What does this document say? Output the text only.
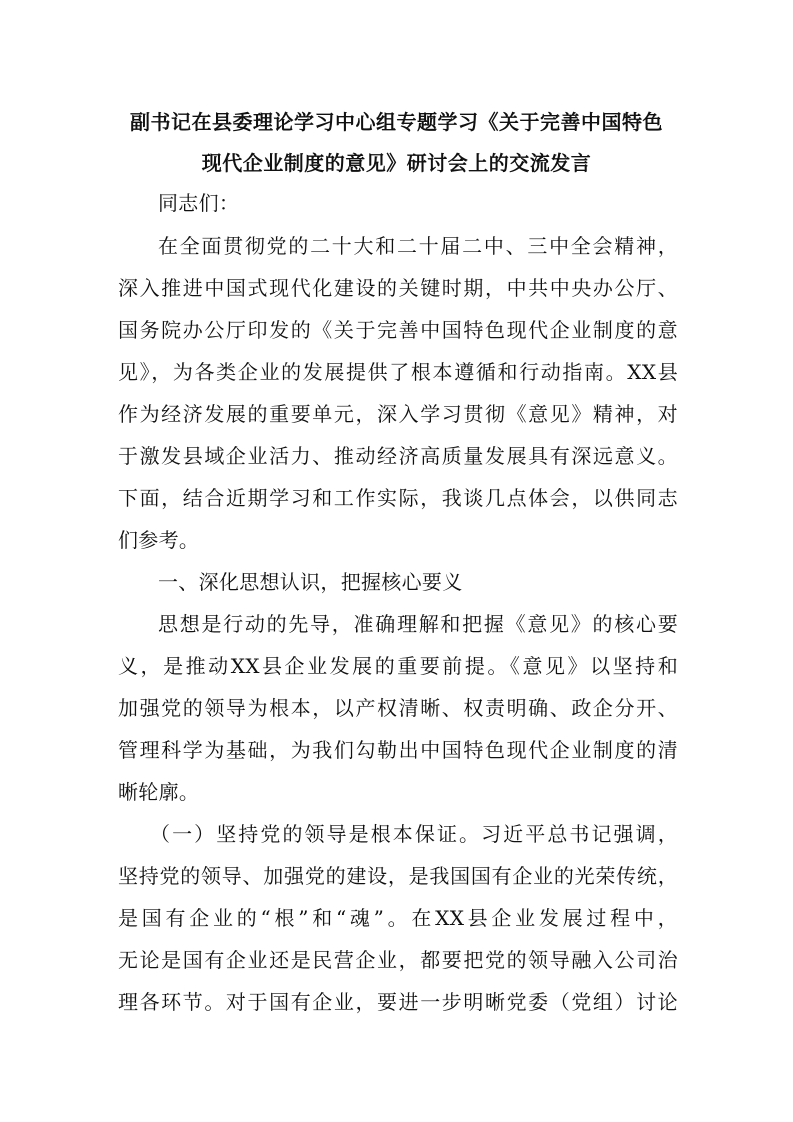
副书记在县委理论学习中心组专题学习《关于完善中国特色
现代企业制度的意见》研讨会上的交流发言
同志们：
在全面贯彻党的二十大和二十届二中、三中全会精神，
深入推进中国式现代化建设的关键时期，中共中央办公厅、
国务院办公厅印发的《关于完善中国特色现代企业制度的意
见》，为各类企业的发展提供了根本遵循和行动指南。XX县
作为经济发展的重要单元，深入学习贯彻《意见》精神，对
于激发县域企业活力、推动经济高质量发展具有深远意义。
下面，结合近期学习和工作实际，我谈几点体会，以供同志
们参考。
一、深化思想认识，把握核心要义
思想是行动的先导，准确理解和把握《意见》的核心要
义，是推动XX县企业发展的重要前提。《意见》以坚持和
加强党的领导为根本，以产权清晰、权责明确、政企分开、
管理科学为基础，为我们勾勒出中国特色现代企业制度的清
晰轮廓。
（一）坚持党的领导是根本保证。习近平总书记强调，
坚持党的领导、加强党的建设，是我国国有企业的光荣传统，
是国有企业的“根”和“魂”。在XX县企业发展过程中，
无论是国有企业还是民营企业，都要把党的领导融入公司治
理各环节。对于国有企业，要进一步明晰党委（党组）讨论
